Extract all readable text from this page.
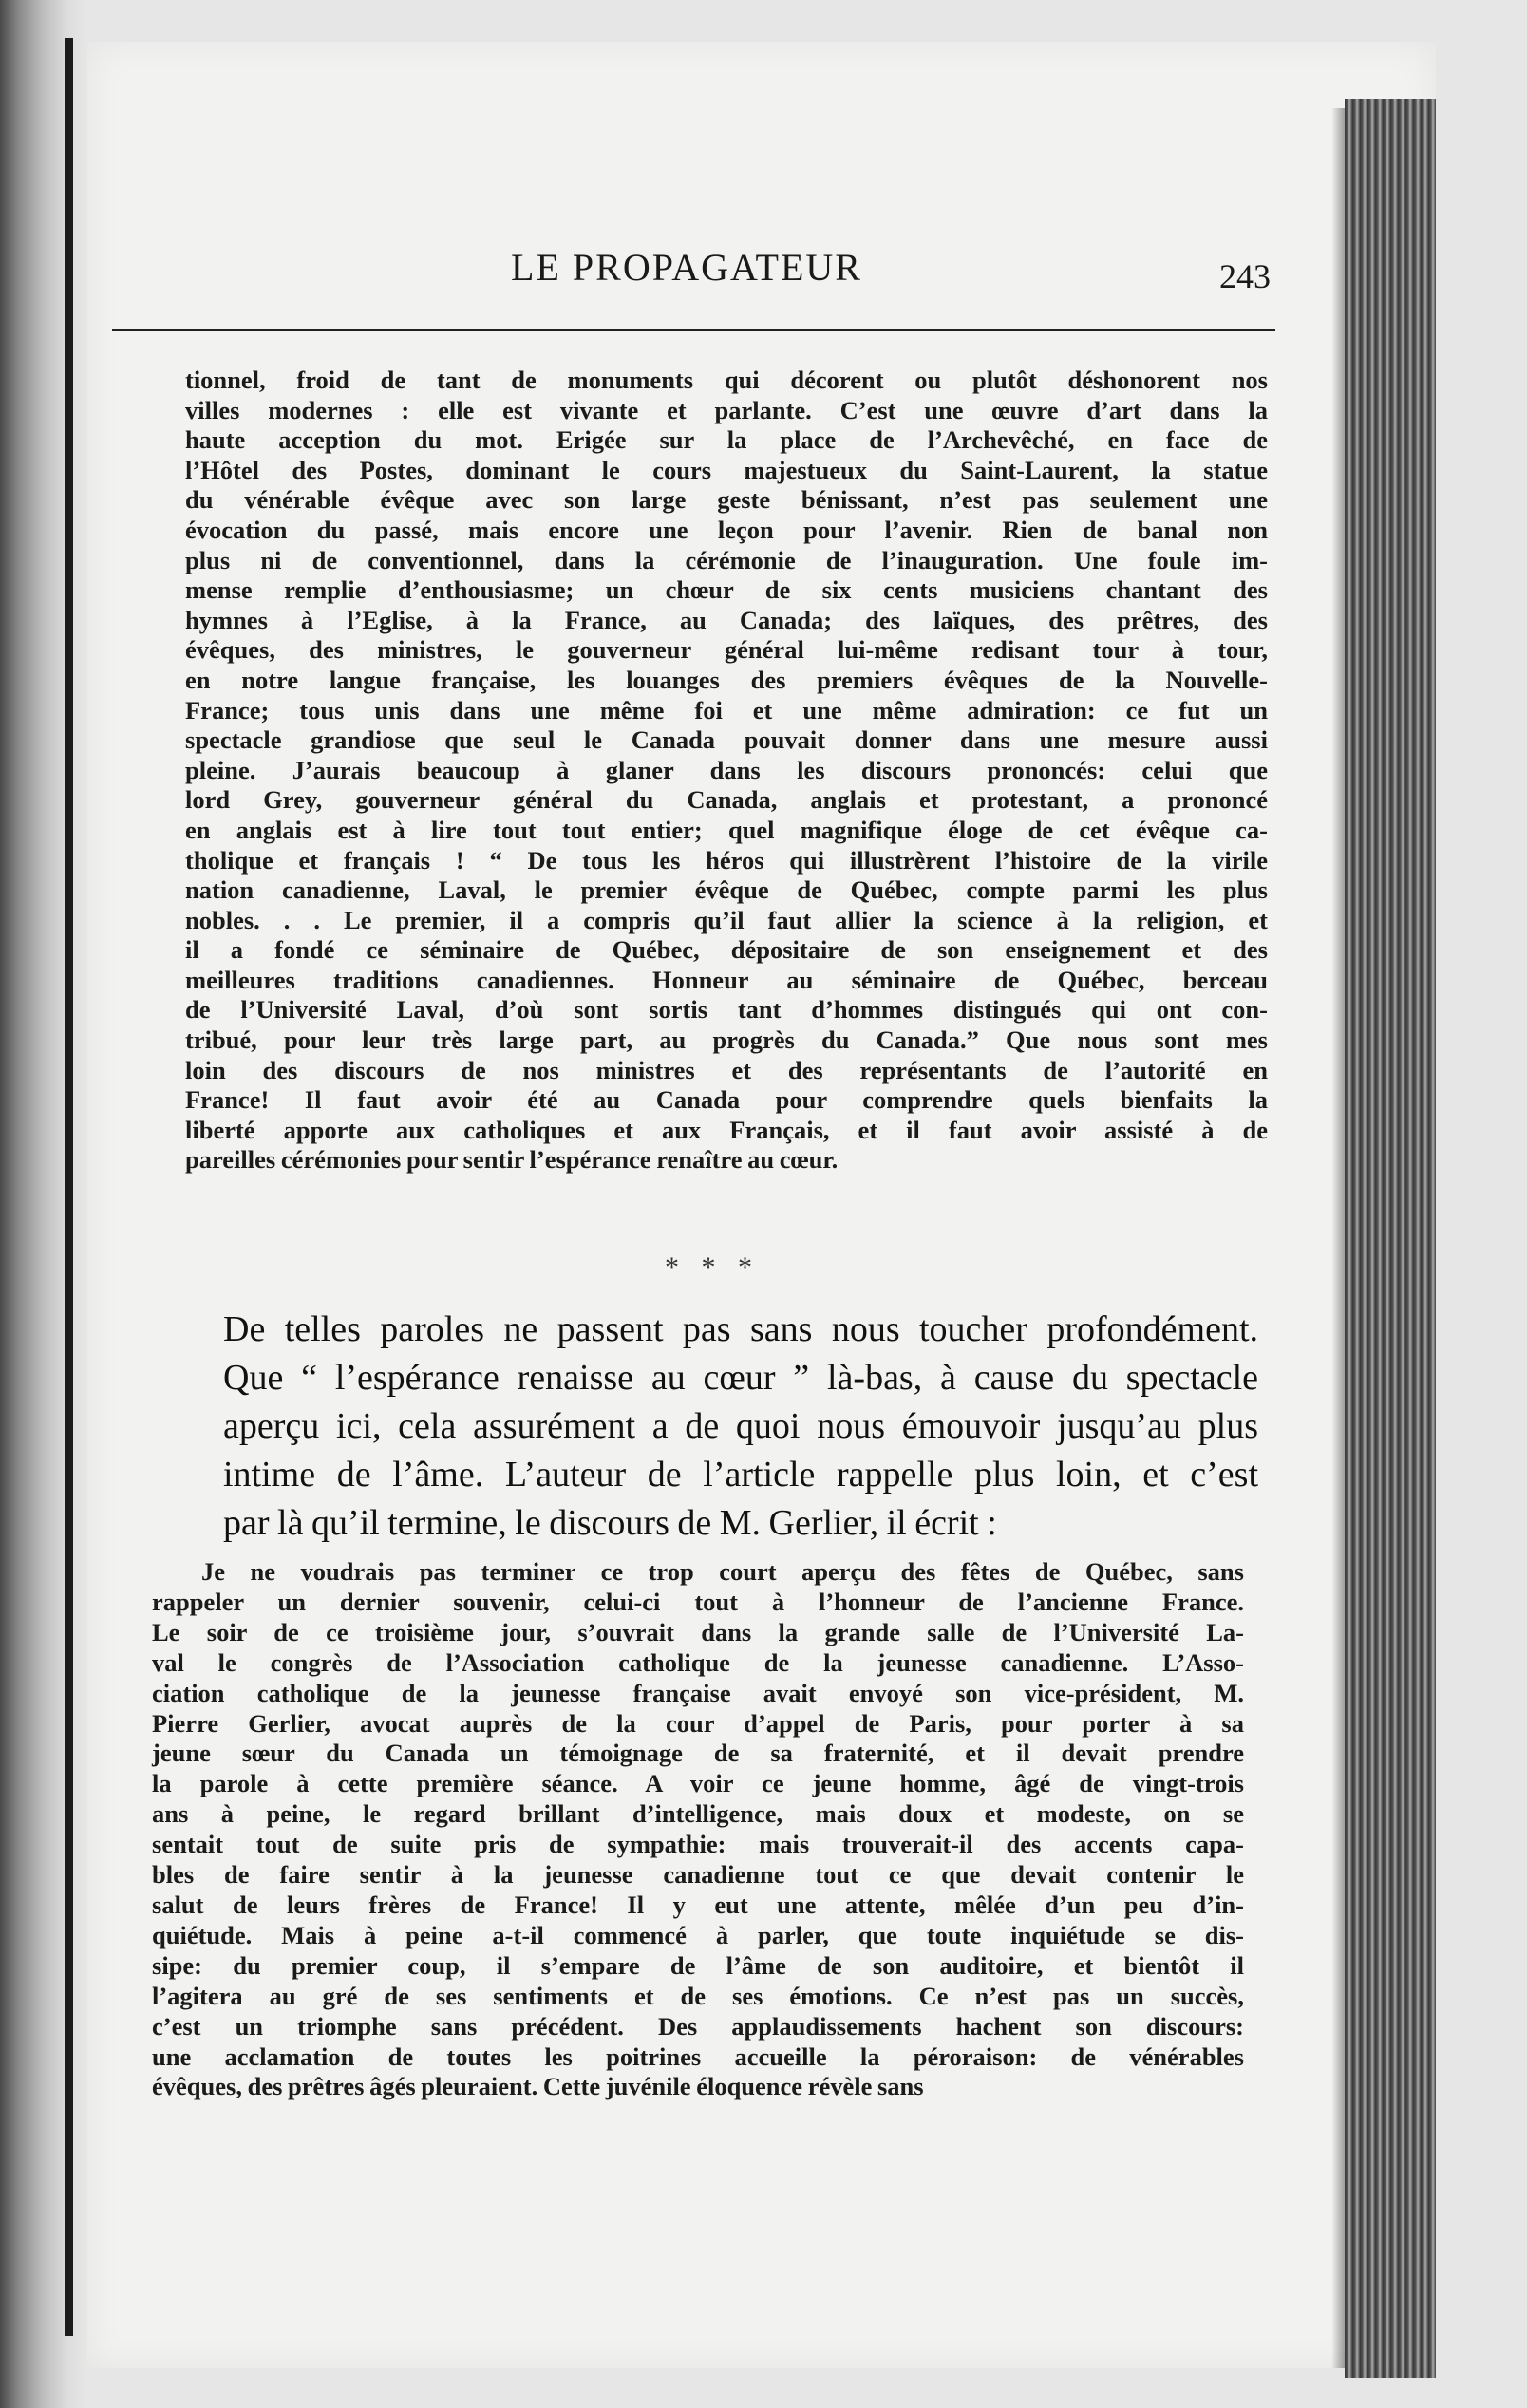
LE PROPAGATEUR	243
tionnel, froid de tant de monuments qui décorent ou plutôt déshonorent nos
villes modernes : elle est vivante et parlante. C’est une œuvre d’art dans la
haute acception du mot. Erigée sur la place de l’Archevêché, en face de
l’Hôtel des Postes, dominant le cours majestueux du Saint-Laurent, la statue
du vénérable évêque avec son large geste bénissant, n’est pas seulement une
évocation du passé, mais encore une leçon pour l’avenir. Rien de banal non
plus ni de conventionnel, dans la cérémonie de l’inauguration. Une foule im-
mense remplie d’enthousiasme; un chœur de six cents musiciens chantant des
hymnes à l’Eglise, à la France, au Canada; des laïques, des prêtres, des
évêques, des ministres, le gouverneur général lui-même redisant tour à tour,
en notre langue française, les louanges des premiers évêques de la Nouvelle-
France; tous unis dans une même foi et une même admiration: ce fut un
spectacle grandiose que seul le Canada pouvait donner dans une mesure aussi
pleine. J’aurais beaucoup à glaner dans les discours prononcés: celui que
lord Grey, gouverneur général du Canada, anglais et protestant, a prononcé
en anglais est à lire tout tout entier; quel magnifique éloge de cet évêque ca-
tholique et français ! “ De tous les héros qui illustrèrent l’histoire de la virile
nation canadienne, Laval, le premier évêque de Québec, compte parmi les plus
nobles. . . Le premier, il a compris qu’il faut allier la science à la religion, et
il a fondé ce séminaire de Québec, dépositaire de son enseignement et des
meilleures traditions canadiennes. Honneur au séminaire de Québec, berceau
de l’Université Laval, d’où sont sortis tant d’hommes distingués qui ont con-
tribué, pour leur très large part, au progrès du Canada.” Que nous sont mes
loin des discours de nos ministres et des représentants de l’autorité en
France! Il faut avoir été au Canada pour comprendre quels bienfaits la
liberté apporte aux catholiques et aux Français, et il faut avoir assisté à de
pareilles cérémonies pour sentir l’espérance renaître au cœur.
* * *
De telles paroles ne passent pas sans nous toucher profondément.
Que “ l’espérance renaisse au cœur ” là-bas, à cause du spectacle
aperçu ici, cela assurément a de quoi nous émouvoir jusqu’au plus
intime de l’âme. L’auteur de l’article rappelle plus loin, et c’est
par là qu’il termine, le discours de M. Gerlier, il écrit :
Je ne voudrais pas terminer ce trop court aperçu des fêtes de Québec, sans
rappeler un dernier souvenir, celui-ci tout à l’honneur de l’ancienne France.
Le soir de ce troisième jour, s’ouvrait dans la grande salle de l’Université La-
val le congrès de l’Association catholique de la jeunesse canadienne. L’Asso-
ciation catholique de la jeunesse française avait envoyé son vice-président, M.
Pierre Gerlier, avocat auprès de la cour d’appel de Paris, pour porter à sa
jeune sœur du Canada un témoignage de sa fraternité, et il devait prendre
la parole à cette première séance. A voir ce jeune homme, âgé de vingt-trois
ans à peine, le regard brillant d’intelligence, mais doux et modeste, on se
sentait tout de suite pris de sympathie: mais trouverait-il des accents capa-
bles de faire sentir à la jeunesse canadienne tout ce que devait contenir le
salut de leurs frères de France! Il y eut une attente, mêlée d’un peu d’in-
quiétude. Mais à peine a-t-il commencé à parler, que toute inquiétude se dis-
sipe: du premier coup, il s’empare de l’âme de son auditoire, et bientôt il
l’agitera au gré de ses sentiments et de ses émotions. Ce n’est pas un succès,
c’est un triomphe sans précédent. Des applaudissements hachent son discours:
une acclamation de toutes les poitrines accueille la péroraison: de vénérables
évêques, des prêtres âgés pleuraient. Cette juvénile éloquence révèle sans
